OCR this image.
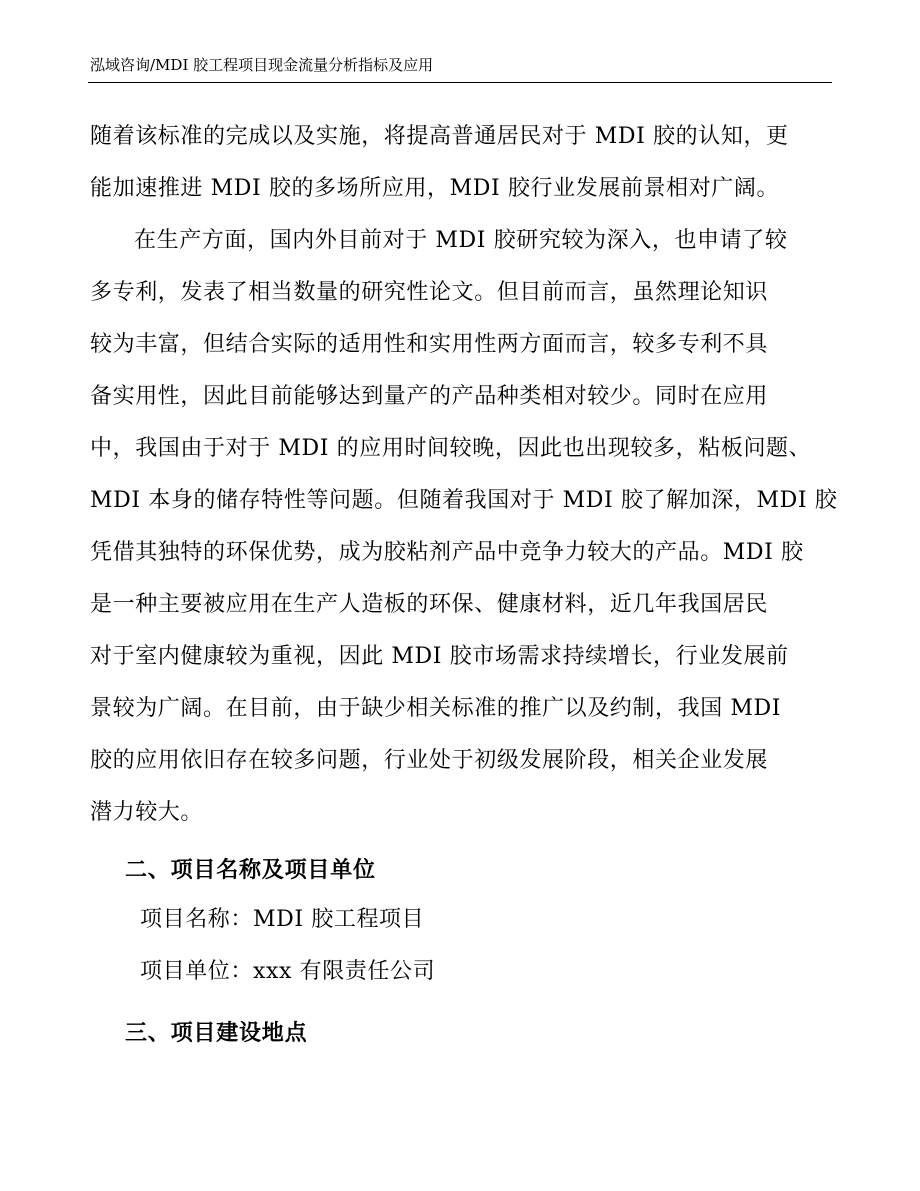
泓域咨询/MDI 胶工程项目现金流量分析指标及应用
随着该标准的完成以及实施，将提高普通居民对于 MDI 胶的认知，更
能加速推进 MDI 胶的多场所应用，MDI 胶行业发展前景相对广阔。
在生产方面，国内外目前对于 MDI 胶研究较为深入，也申请了较
多专利，发表了相当数量的研究性论文。但目前而言，虽然理论知识
较为丰富，但结合实际的适用性和实用性两方面而言，较多专利不具
备实用性，因此目前能够达到量产的产品种类相对较少。同时在应用
中，我国由于对于 MDI 的应用时间较晚，因此也出现较多，粘板问题、
MDI 本身的储存特性等问题。但随着我国对于 MDI 胶了解加深，MDI 胶
凭借其独特的环保优势，成为胶粘剂产品中竞争力较大的产品。MDI 胶
是一种主要被应用在生产人造板的环保、健康材料，近几年我国居民
对于室内健康较为重视，因此 MDI 胶市场需求持续增长，行业发展前
景较为广阔。在目前，由于缺少相关标准的推广以及约制，我国 MDI
胶的应用依旧存在较多问题，行业处于初级发展阶段，相关企业发展
潜力较大。
二、项目名称及项目单位
项目名称：MDI 胶工程项目
项目单位：xxx 有限责任公司
三、项目建设地点
